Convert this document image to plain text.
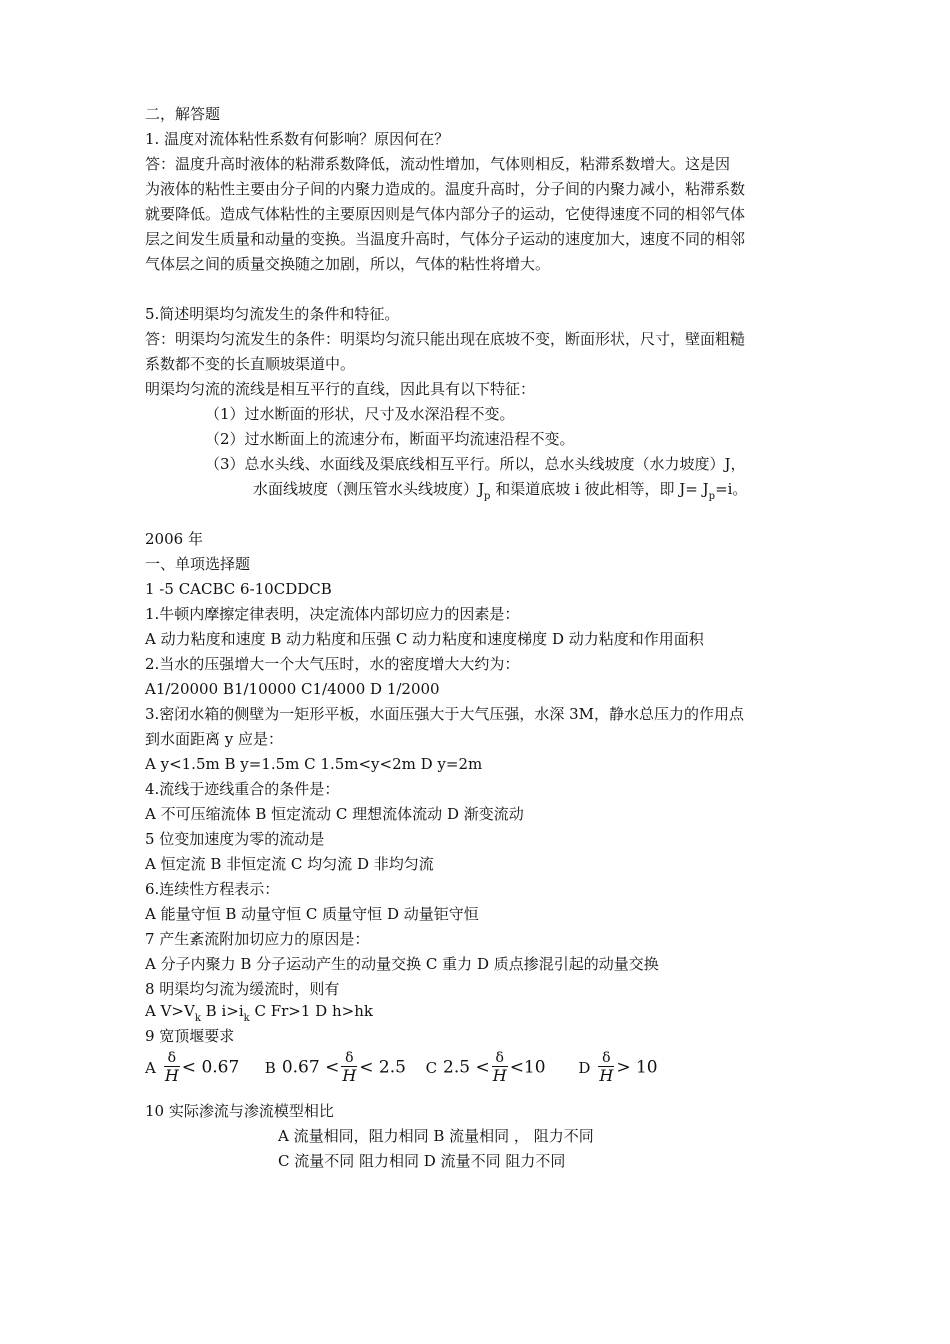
二，解答题
1. 温度对流体粘性系数有何影响？原因何在？
答：温度升高时液体的粘滞系数降低，流动性增加，气体则相反，粘滞系数增大。这是因
为液体的粘性主要由分子间的内聚力造成的。温度升高时，分子间的内聚力减小，粘滞系数
就要降低。造成气体粘性的主要原因则是气体内部分子的运动，它使得速度不同的相邻气体
层之间发生质量和动量的变换。当温度升高时，气体分子运动的速度加大，速度不同的相邻
气体层之间的质量交换随之加剧，所以，气体的粘性将增大。
5.简述明渠均匀流发生的条件和特征。
答：明渠均匀流发生的条件：明渠均匀流只能出现在底坡不变，断面形状，尺寸，壁面粗糙
系数都不变的长直顺坡渠道中。
明渠均匀流的流线是相互平行的直线，因此具有以下特征：
（1）过水断面的形状，尺寸及水深沿程不变。
（2）过水断面上的流速分布，断面平均流速沿程不变。
（3）总水头线、水面线及渠底线相互平行。所以，总水头线坡度（水力坡度）J，
水面线坡度（测压管水头线坡度）$J_p$ 和渠道底坡 i 彼此相等，即 $J= J_p=i$。
2006 年
一、单项选择题
1 -5 CACBC 6-10CDDCB
1.牛顿内摩擦定律表明，决定流体内部切应力的因素是：
A 动力粘度和速度 B 动力粘度和压强 C 动力粘度和速度梯度 D 动力粘度和作用面积
2.当水的压强增大一个大气压时，水的密度增大大约为：
A1/20000 B1/10000 C1/4000 D 1/2000
3.密闭水箱的侧壁为一矩形平板，水面压强大于大气压强，水深 3M，静水总压力的作用点
到水面距离 y 应是：
A y<1.5m B y=1.5m C 1.5m<y<2m D y=2m
4.流线于迹线重合的条件是：
A 不可压缩流体 B 恒定流动 C 理想流体流动 D 渐变流动
5 位变加速度为零的流动是
A 恒定流 B 非恒定流 C 均匀流 D 非均匀流
6.连续性方程表示：
A 能量守恒 B 动量守恒 C 质量守恒 D 动量钜守恒
7 产生紊流附加切应力的原因是：
A 分子内聚力 B 分子运动产生的动量交换 C 重力 D 质点掺混引起的动量交换
8 明渠均匀流为缓流时，则有
A $V>V_k$ B $i>i_k$ C Fr>1 D h>hk
9 宽顶堰要求
A $\frac{\delta}{H} < 0.67$ B $0.67 < \frac{\delta}{H} < 2.5$ C $2.5 < \frac{\delta}{H} <10$ D $\frac{\delta}{H} > 10$
10 实际渗流与渗流模型相比
A 流量相同，阻力相同 B 流量相同 ， 阻力不同
C 流量不同 阻力相同 D 流量不同 阻力不同
